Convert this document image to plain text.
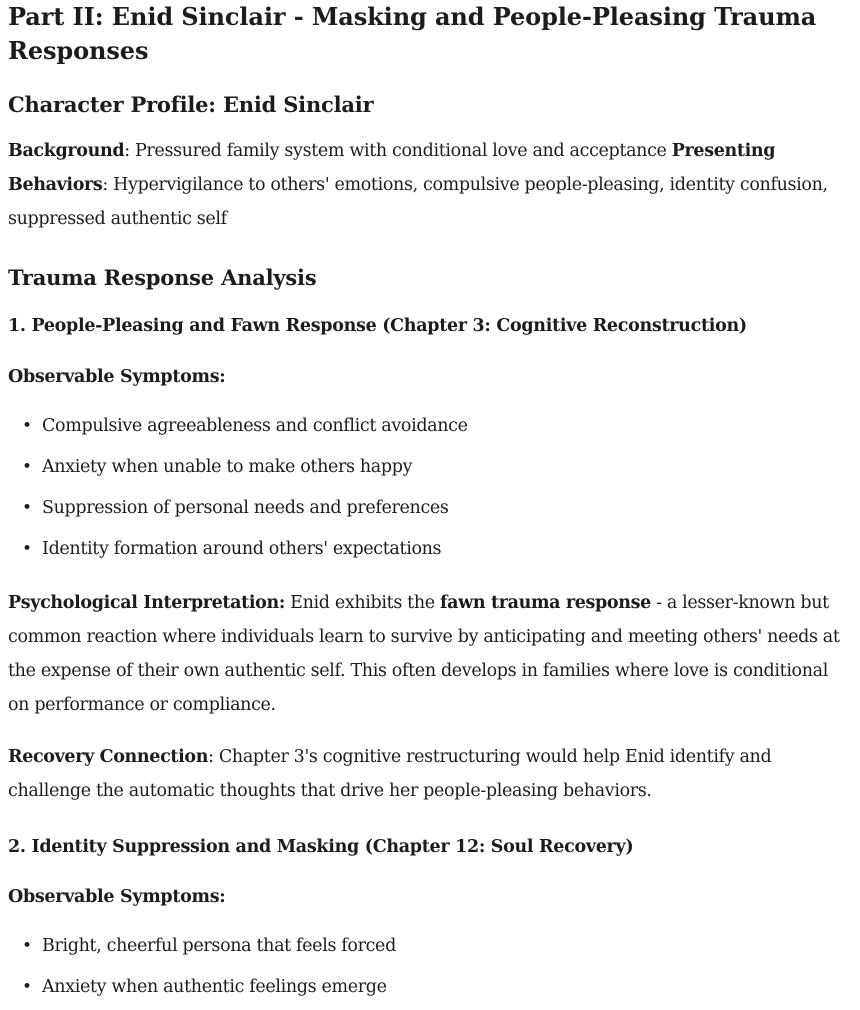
Part II: Enid Sinclair - Masking and People-Pleasing Trauma Responses
Character Profile: Enid Sinclair

Background: Pressured family system with conditional love and acceptance Presenting Behaviors: Hypervigilance to others' emotions, compulsive people-pleasing, identity confusion, suppressed authentic self

Trauma Response Analysis
1. People-Pleasing and Fawn Response (Chapter 3: Cognitive Reconstruction)
Observable Symptoms:
• Compulsive agreeableness and conflict avoidance
• Anxiety when unable to make others happy
• Suppression of personal needs and preferences
• Identity formation around others' expectations

Psychological Interpretation: Enid exhibits the fawn trauma response - a lesser-known but common reaction where individuals learn to survive by anticipating and meeting others' needs at the expense of their own authentic self. This often develops in families where love is conditional on performance or compliance.

Recovery Connection: Chapter 3's cognitive restructuring would help Enid identify and challenge the automatic thoughts that drive her people-pleasing behaviors.

2. Identity Suppression and Masking (Chapter 12: Soul Recovery)
Observable Symptoms:
• Bright, cheerful persona that feels forced
• Anxiety when authentic feelings emerge
